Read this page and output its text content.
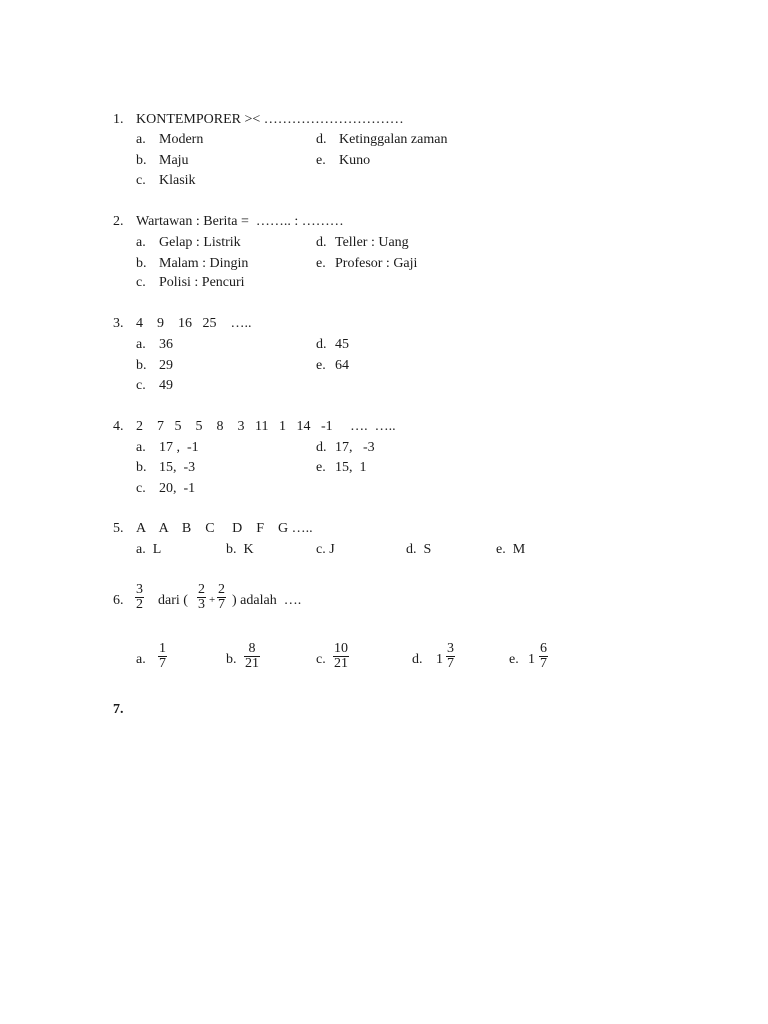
1. KONTEMPORER >< …………………………
a. Modern
b. Maju
c. Klasik
d. Ketinggalan zaman
e. Kuno
2. Wartawan : Berita =  …….. : ………
a. Gelap : Listrik
b. Malam : Dingin
c. Polisi : Pencuri
d. Teller : Uang
e. Profesor : Gaji
3. 4    9    16   25    …..
a. 36
b. 29
c. 49
d. 45
e. 64
4. 2    7   5    5    8    3   11   1   14   -1     ….  …..
a. 17 ,  -1
b. 15,  -3
c. 20,  -1
d. 17,   -3
e. 15,  1
5. A    A    B    C     D    F    G …..
a.  L	b.  K	c. J	d.  S	e.  M
6. $\frac{3}{2}$ dari ( $\frac{2}{3} + \frac{2}{7}$ ) adalah  ….
a. $\frac{1}{7}$	b. $\frac{8}{21}$	c. $\frac{10}{21}$	d. $1 \frac{3}{7}$	e. $1 \frac{6}{7}$
7.
